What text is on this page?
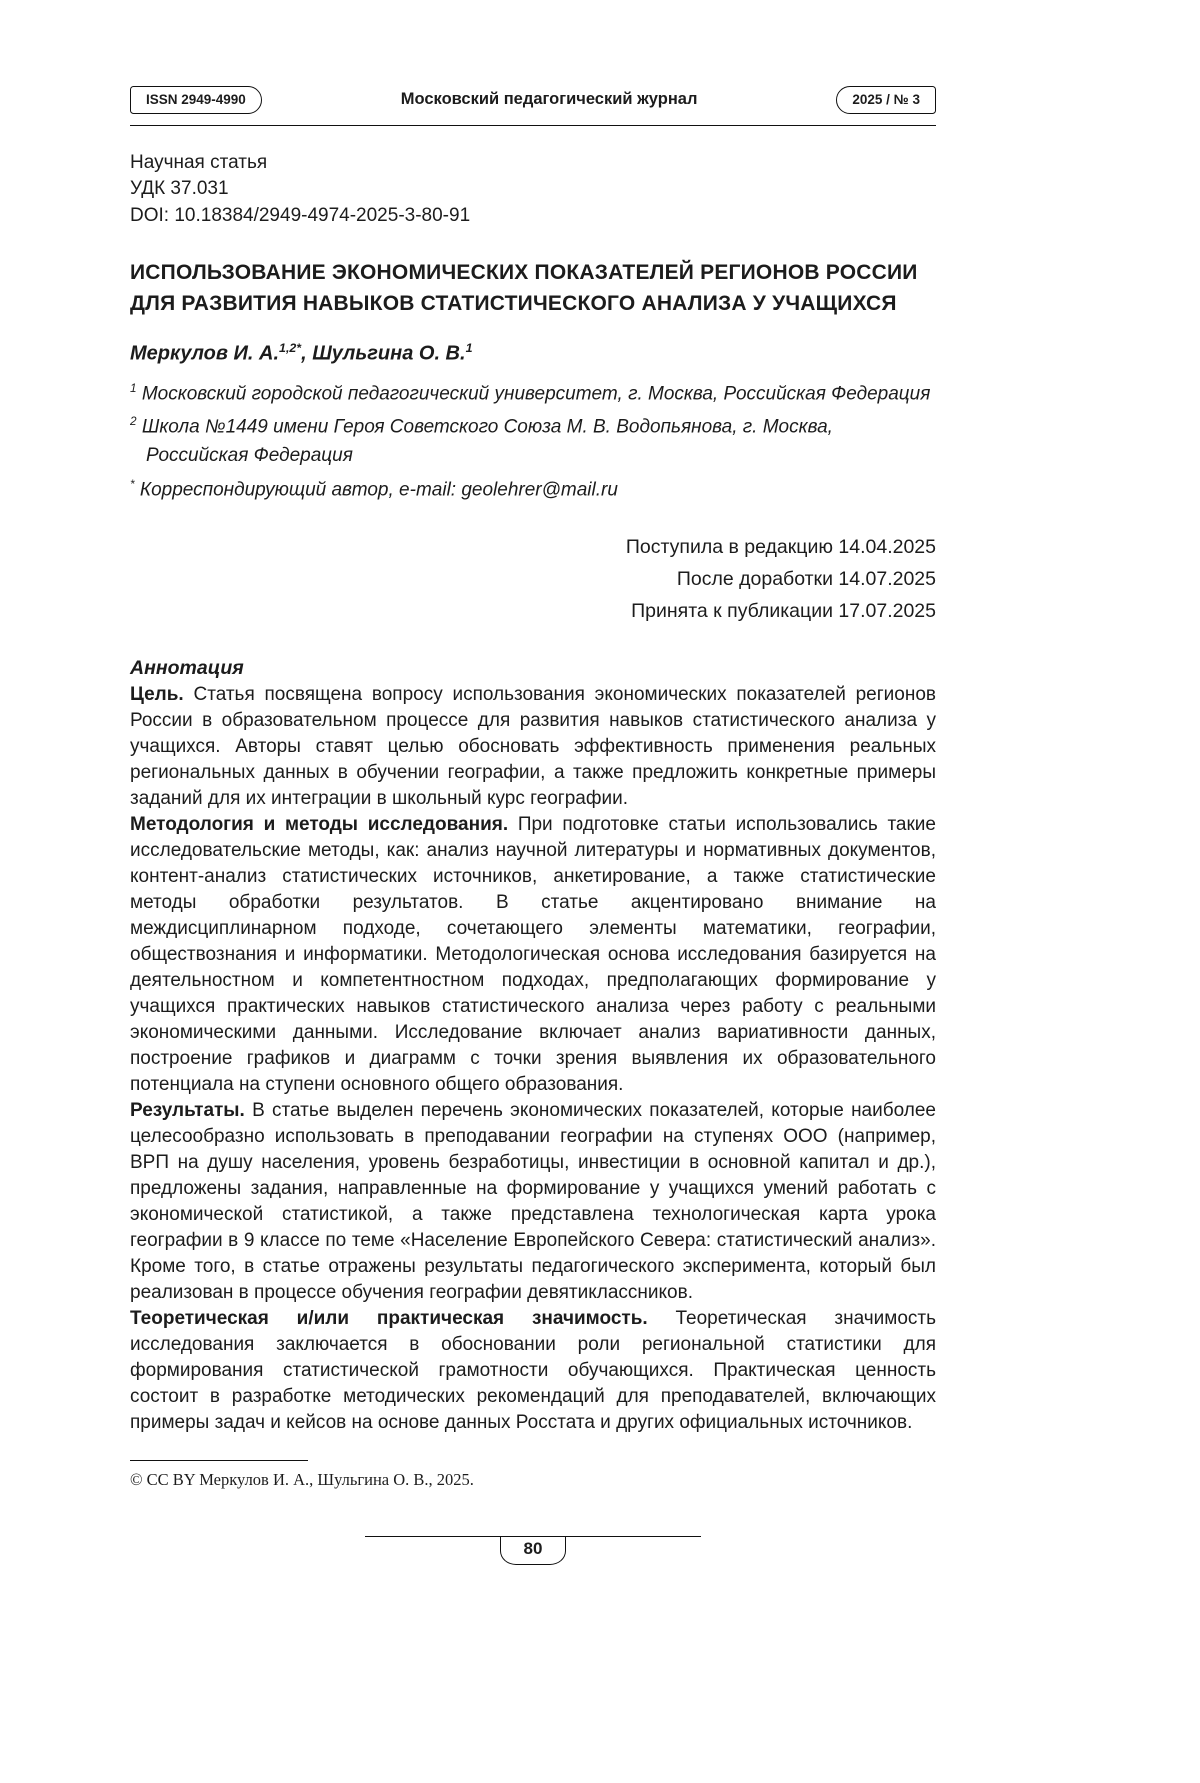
ISSN 2949-4990	Московский педагогический журнал	2025 / № 3
Научная статья
УДК 37.031
DOI: 10.18384/2949-4974-2025-3-80-91
ИСПОЛЬЗОВАНИЕ ЭКОНОМИЧЕСКИХ ПОКАЗАТЕЛЕЙ РЕГИОНОВ РОССИИ ДЛЯ РАЗВИТИЯ НАВЫКОВ СТАТИСТИЧЕСКОГО АНАЛИЗА У УЧАЩИХСЯ
Меркулов И. А.$^{1,2*}$, Шульгина О. В.$^1$
$^1$ Московский городской педагогический университет, г. Москва, Российская Федерация
$^2$ Школа №1449 имени Героя Советского Союза М. В. Водопьянова, г. Москва, Российская Федерация
* Корреспондирующий автор, e-mail: geolehrer@mail.ru
Поступила в редакцию 14.04.2025
После доработки 14.07.2025
Принята к публикации 17.07.2025
Аннотация

Цель. Статья посвящена вопросу использования экономических показателей регионов России в образовательном процессе для развития навыков статистического анализа у учащихся. Авторы ставят целью обосновать эффективность применения реальных региональных данных в обучении географии, а также предложить конкретные примеры заданий для их интеграции в школьный курс географии.

Методология и методы исследования. При подготовке статьи использовались такие исследовательские методы, как: анализ научной литературы и нормативных документов, контент-анализ статистических источников, анкетирование, а также статистические методы обработки результатов. В статье акцентировано внимание на междисциплинарном подходе, сочетающего элементы математики, географии, обществознания и информатики. Методологическая основа исследования базируется на деятельностном и компетентностном подходах, предполагающих формирование у учащихся практических навыков статистического анализа через работу с реальными экономическими данными. Исследование включает анализ вариативности данных, построение графиков и диаграмм с точки зрения выявления их образовательного потенциала на ступени основного общего образования.

Результаты. В статье выделен перечень экономических показателей, которые наиболее целесообразно использовать в преподавании географии на ступенях ООО (например, ВРП на душу населения, уровень безработицы, инвестиции в основной капитал и др.), предложены задания, направленные на формирование у учащихся умений работать с экономической статистикой, а также представлена технологическая карта урока географии в 9 классе по теме «Население Европейского Севера: статистический анализ». Кроме того, в статье отражены результаты педагогического эксперимента, который был реализован в процессе обучения географии девятиклассников.

Теоретическая и/или практическая значимость. Теоретическая значимость исследования заключается в обосновании роли региональной статистики для формирования статистической грамотности обучающихся. Практическая ценность состоит в разработке методических рекомендаций для преподавателей, включающих примеры задач и кейсов на основе данных Росстата и других официальных источников.

© CC BY Меркулов И. А., Шульгина О. В., 2025.
80
